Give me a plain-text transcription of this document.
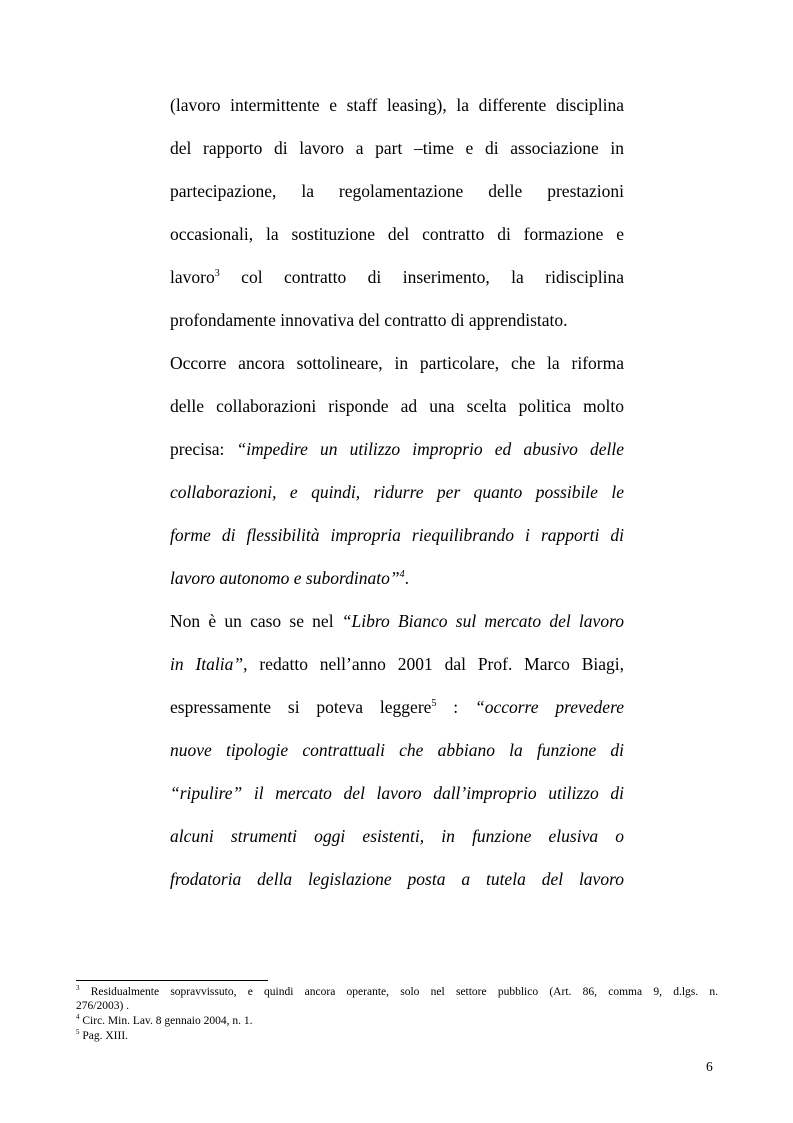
(lavoro intermittente e staff leasing), la differente disciplina
del rapporto di lavoro a part –time e di associazione in
partecipazione, la regolamentazione delle prestazioni
occasionali, la sostituzione del contratto di formazione e
lavoro$^3$ col contratto di inserimento, la ridisciplina
profondamente innovativa del contratto di apprendistato.
Occorre ancora sottolineare, in particolare, che la riforma
delle collaborazioni risponde ad una scelta politica molto
precisa: “impedire un utilizzo improprio ed abusivo delle
collaborazioni, e quindi, ridurre per quanto possibile le
forme di flessibilità impropria riequilibrando i rapporti di
lavoro autonomo e subordinato”$^4$.
Non è un caso se nel “Libro Bianco sul mercato del lavoro
in Italia”, redatto nell’anno 2001 dal Prof. Marco Biagi,
espressamente si poteva leggere$^5$ : “occorre prevedere
nuove tipologie contrattuali che abbiano la funzione di
“ripulire” il mercato del lavoro dall’improprio utilizzo di
alcuni strumenti oggi esistenti, in funzione elusiva o
frodatoria della legislazione posta a tutela del lavoro
$^3$ Residualmente sopravvissuto, e quindi ancora operante, solo nel settore pubblico (Art. 86, comma 9, d.lgs. n.
276/2003) .
$^4$ Circ. Min. Lav. 8 gennaio 2004, n. 1.
$^5$ Pag. XIII.
6
